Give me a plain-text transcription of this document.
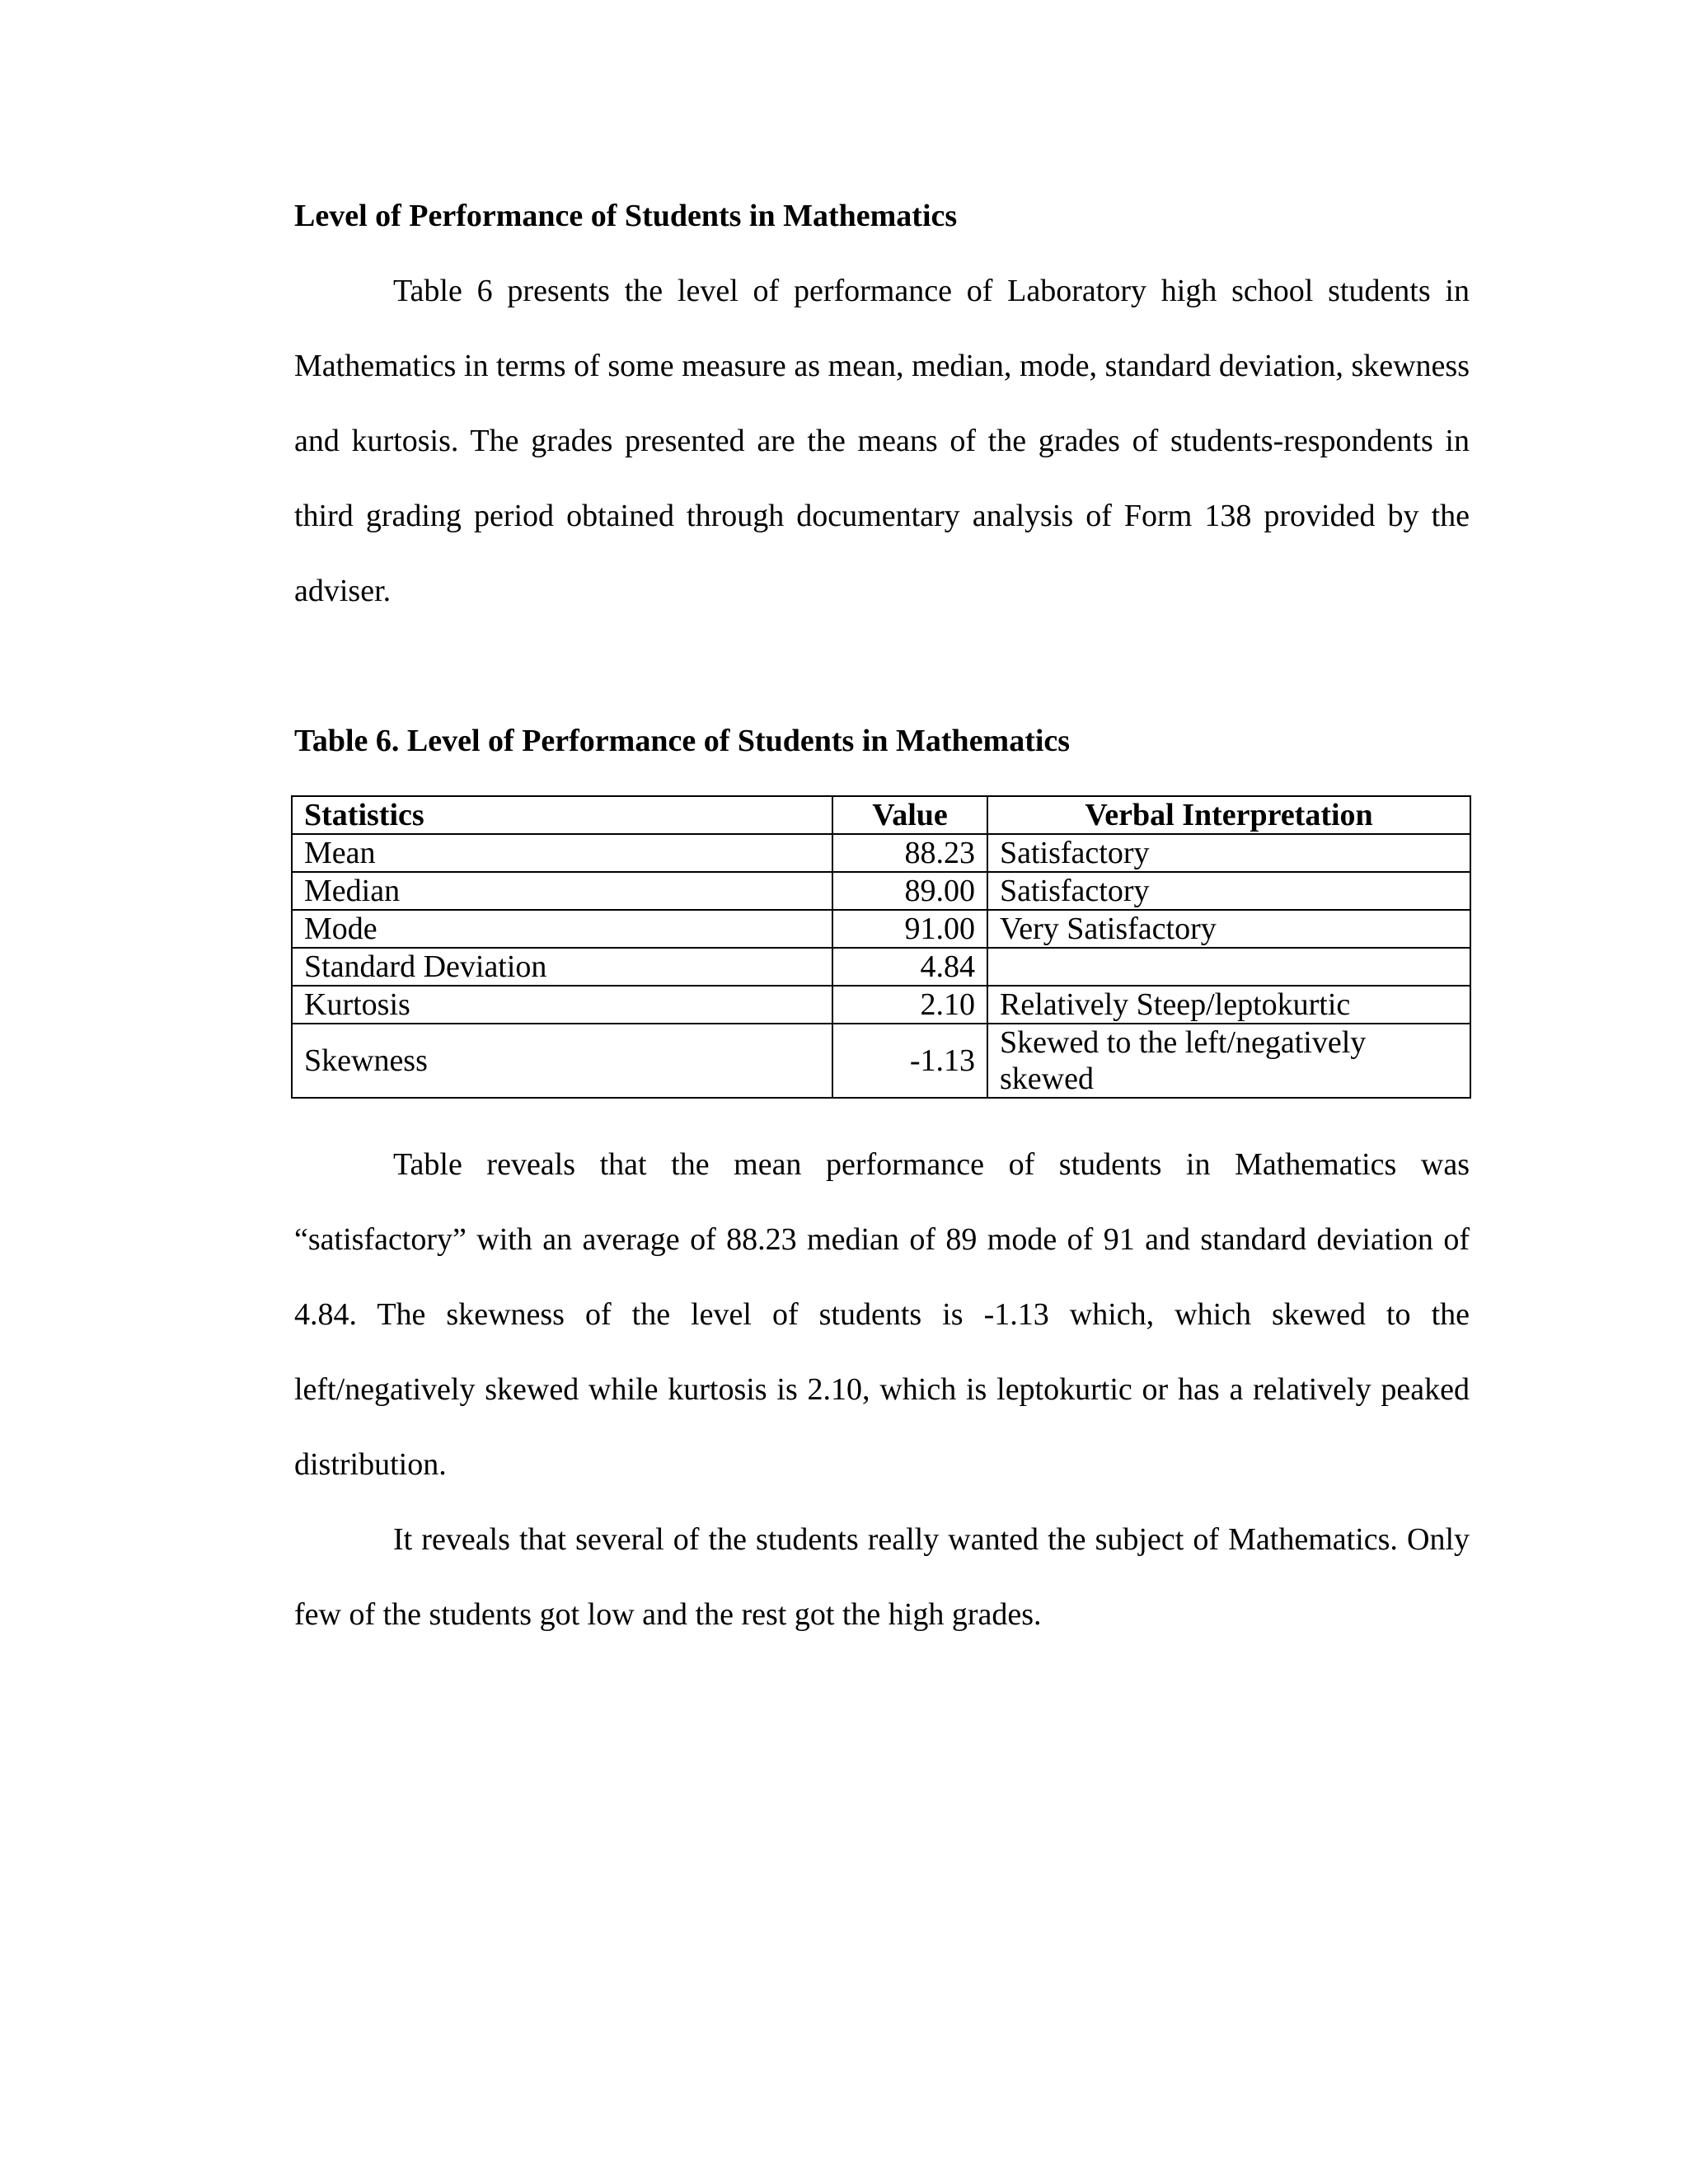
Level of Performance of Students in Mathematics

Table 6 presents the level of performance of Laboratory high school students in Mathematics in terms of some measure as mean, median, mode, standard deviation, skewness and kurtosis. The grades presented are the means of the grades of students-respondents in third grading period obtained through documentary analysis of Form 138 provided by the adviser.

Table 6. Level of Performance of Students in Mathematics
Statistics	Value	Verbal Interpretation
Mean	88.23	Satisfactory
Median	89.00	Satisfactory
Mode	91.00	Very Satisfactory
Standard Deviation	4.84	
Kurtosis	2.10	Relatively Steep/leptokurtic
Skewness	-1.13	Skewed to the left/negatively skewed

Table reveals that the mean performance of students in Mathematics was “satisfactory” with an average of 88.23 median of 89 mode of 91 and standard deviation of 4.84. The skewness of the level of students is -1.13 which, which skewed to the left/negatively skewed while kurtosis is 2.10, which is leptokurtic or has a relatively peaked distribution.

It reveals that several of the students really wanted the subject of Mathematics. Only few of the students got low and the rest got the high grades.
